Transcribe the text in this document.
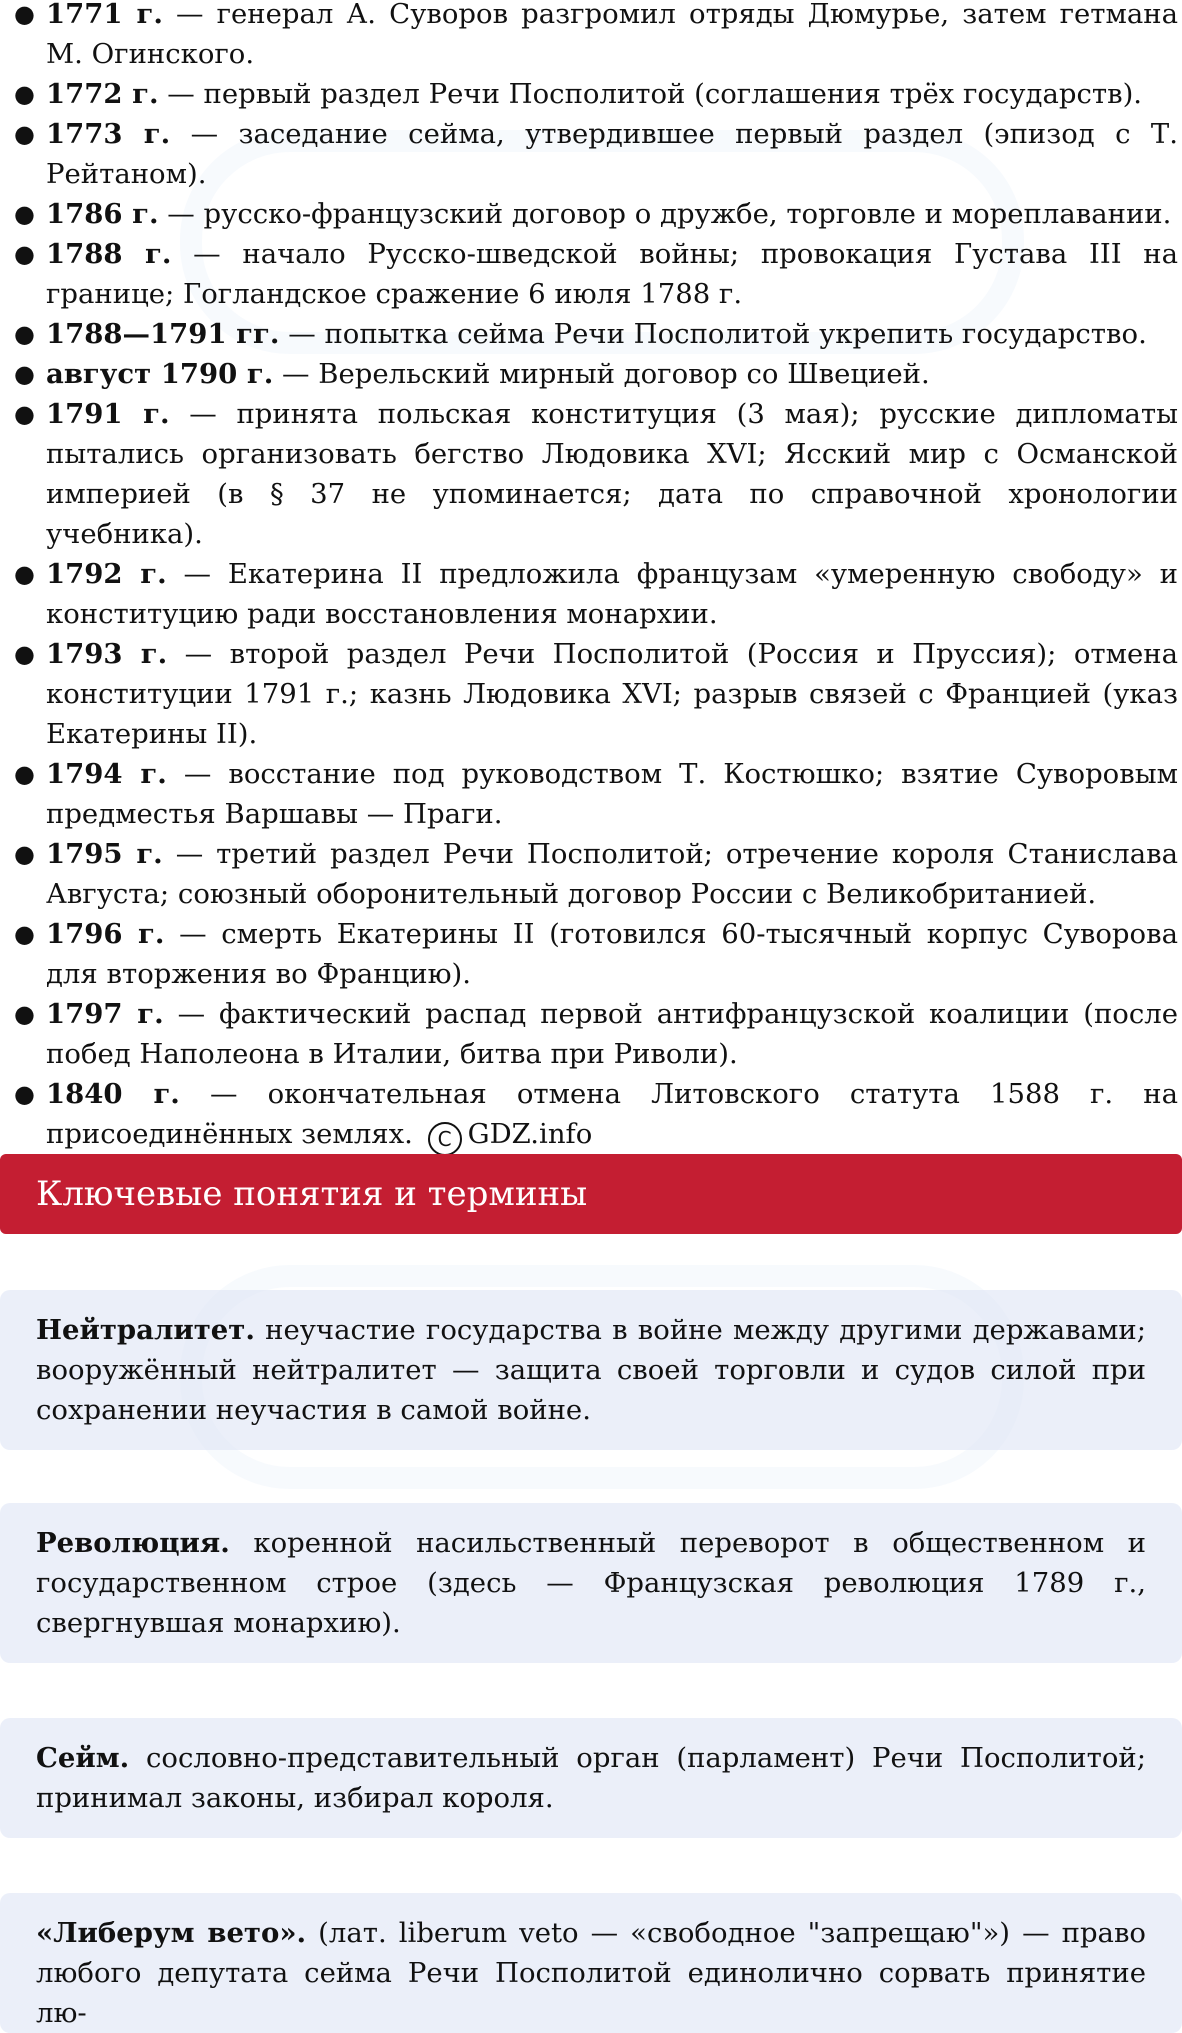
● 1771 г. — генерал А. Суворов разгромил отряды Дюмурье, затем гетмана М. Огинского.
● 1772 г. — первый раздел Речи Посполитой (соглашения трёх государств).
● 1773 г. — заседание сейма, утвердившее первый раздел (эпизод с Т. Рейтаном).
● 1786 г. — русско-французский договор о дружбе, торговле и мореплавании.
● 1788 г. — начало Русско-шведской войны; провокация Густава III на границе; Гогландское сражение 6 июля 1788 г.
● 1788—1791 гг. — попытка сейма Речи Посполитой укрепить государство.
● август 1790 г. — Верельский мирный договор со Швецией.
● 1791 г. — принята польская конституция (3 мая); русские дипломаты пытались организовать бегство Людовика XVI; Ясский мир с Османской империей (в § 37 не упоминается; дата по справочной хронологии учебника).
● 1792 г. — Екатерина II предложила французам «умеренную свободу» и конституцию ради восстановления монархии.
● 1793 г. — второй раздел Речи Посполитой (Россия и Пруссия); отмена конституции 1791 г.; казнь Людовика XVI; разрыв связей с Францией (указ Екатерины II).
● 1794 г. — восстание под руководством Т. Костюшко; взятие Суворовым предместья Варшавы — Праги.
● 1795 г. — третий раздел Речи Посполитой; отречение короля Станислава Августа; союзный оборонительный договор России с Великобританией.
● 1796 г. — смерть Екатерины II (готовился 60-тысячный корпус Суворова для вторжения во Францию).
● 1797 г. — фактический распад первой антифранцузской коалиции (после побед Наполеона в Италии, битва при Риволи).
● 1840 г. — окончательная отмена Литовского статута 1588 г. на присоединённых землях. C GDZ.info
Ключевые понятия и термины
Нейтралитет. неучастие государства в войне между другими державами; вооружённый нейтралитет — защита своей торговли и судов силой при сохранении неучастия в самой войне.
Революция. коренной насильственный переворот в общественном и государственном строе (здесь — Французская революция 1789 г., свергнувшая монархию).
Сейм. сословно-представительный орган (парламент) Речи Посполитой; принимал законы, избирал короля.
«Либерум вето». (лат. liberum veto — «свободное "запрещаю"») — право любого депутата сейма Речи Посполитой единолично сорвать принятие лю-
